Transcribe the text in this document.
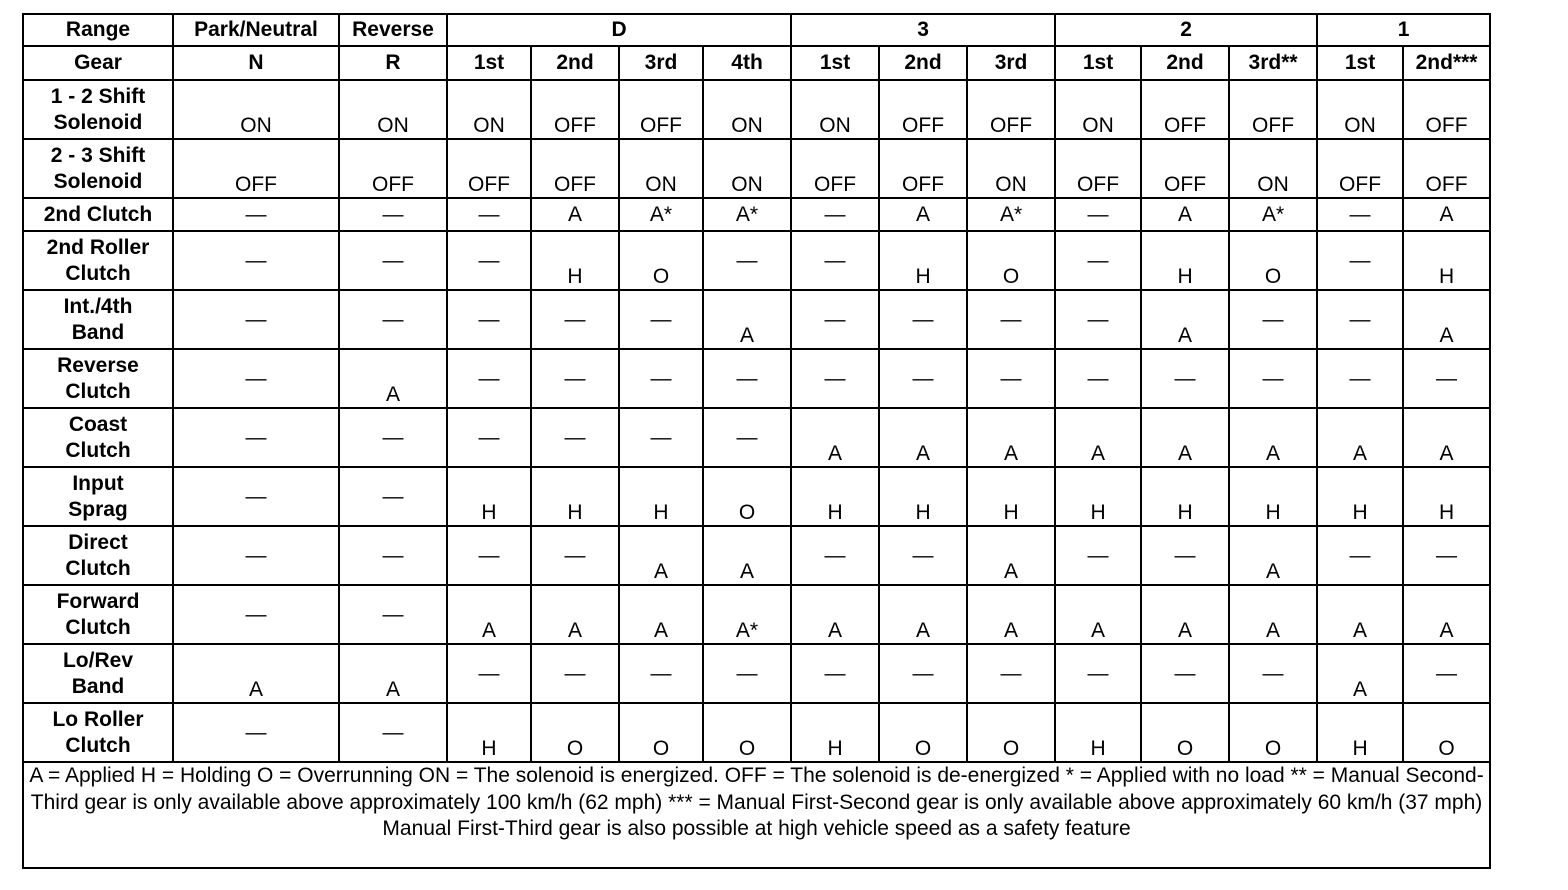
Range	Park/Neutral	Reverse	D				3			2			1	
Gear	N	R	1st	2nd	3rd	4th	1st	2nd	3rd	1st	2nd	3rd**	1st	2nd***
1 - 2 Shift
Solenoid	ON	ON	ON	OFF	OFF	ON	ON	OFF	OFF	ON	OFF	OFF	ON	OFF
2 - 3 Shift
Solenoid	OFF	OFF	OFF	OFF	ON	ON	OFF	OFF	ON	OFF	OFF	ON	OFF	OFF
2nd Clutch	—	—	—	A	A*	A*	—	A	A*	—	A	A*	—	A
2nd Roller
Clutch	—	—	—	H	O	—	—	H	O	—	H	O	—	H
Int./4th
Band	—	—	—	—	—	A	—	—	—	—	A	—	—	A
Reverse
Clutch	—	A	—	—	—	—	—	—	—	—	—	—	—	—
Coast
Clutch	—	—	—	—	—	—	A	A	A	A	A	A	A	A
Input
Sprag	—	—	H	H	H	O	H	H	H	H	H	H	H	H
Direct
Clutch	—	—	—	—	A	A	—	—	A	—	—	A	—	—
Forward
Clutch	—	—	A	A	A	A*	A	A	A	A	A	A	A	A
Lo/Rev
Band	A	A	—	—	—	—	—	—	—	—	—	—	A	—
Lo Roller
Clutch	—	—	H	O	O	O	H	O	O	H	O	O	H	O
A = Applied H = Holding O = Overrunning ON = The solenoid is energized. OFF = The solenoid is de-energized * = Applied with no load ** = Manual Second-Third gear is only available above approximately 100 km/h (62 mph) *** = Manual First-Second gear is only available above approximately 60 km/h (37 mph) Manual First-Third gear is also possible at high vehicle speed as a safety feature														
